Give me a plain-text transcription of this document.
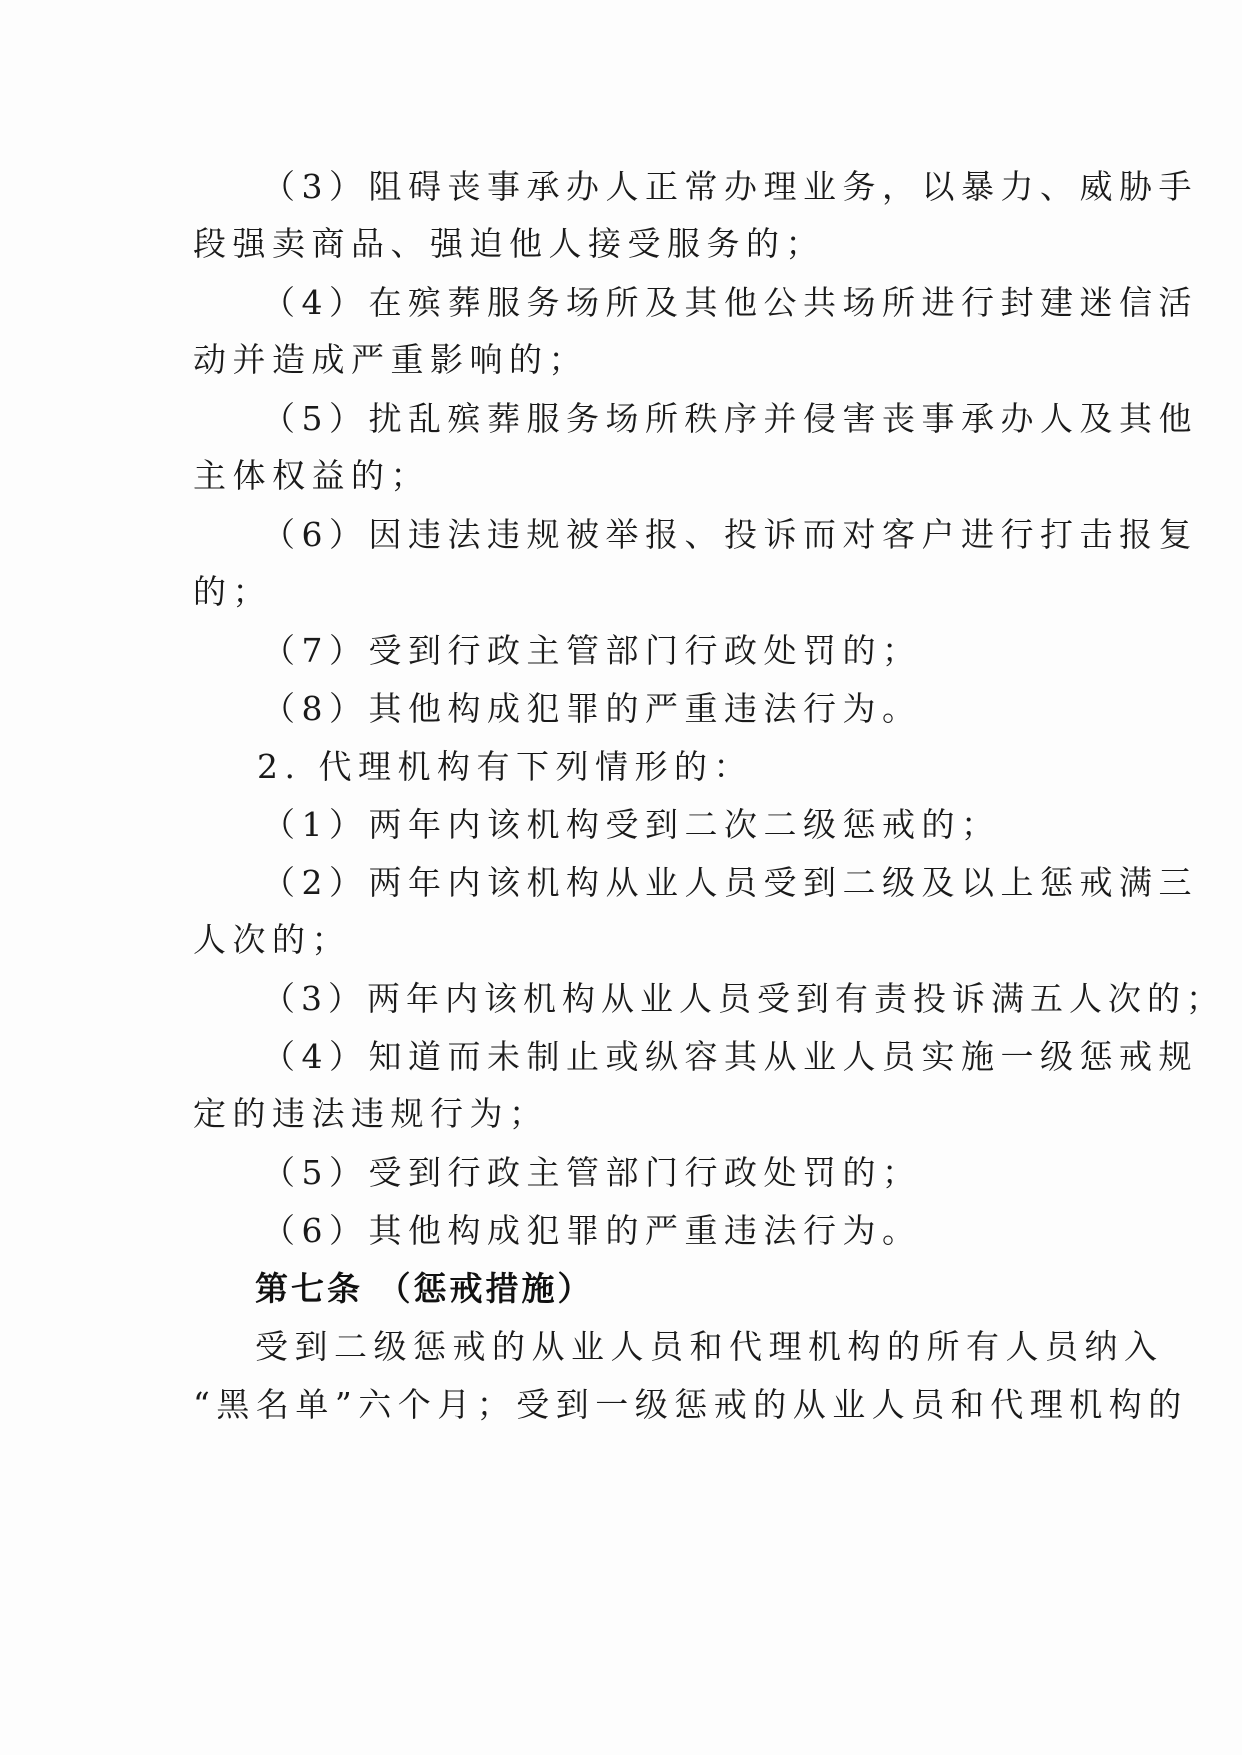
（3）阻碍丧事承办人正常办理业务，以暴力、威胁手
段强卖商品、强迫他人接受服务的；
（4）在殡葬服务场所及其他公共场所进行封建迷信活
动并造成严重影响的；
（5）扰乱殡葬服务场所秩序并侵害丧事承办人及其他
主体权益的；
（6）因违法违规被举报、投诉而对客户进行打击报复
的；
（7）受到行政主管部门行政处罚的；
（8）其他构成犯罪的严重违法行为。
2. 代理机构有下列情形的：
（1）两年内该机构受到二次二级惩戒的；
（2）两年内该机构从业人员受到二级及以上惩戒满三
人次的；
（3）两年内该机构从业人员受到有责投诉满五人次的；
（4）知道而未制止或纵容其从业人员实施一级惩戒规
定的违法违规行为；
（5）受到行政主管部门行政处罚的；
（6）其他构成犯罪的严重违法行为。
第七条 （惩戒措施）
受到二级惩戒的从业人员和代理机构的所有人员纳入
“黑名单”六个月；受到一级惩戒的从业人员和代理机构的
